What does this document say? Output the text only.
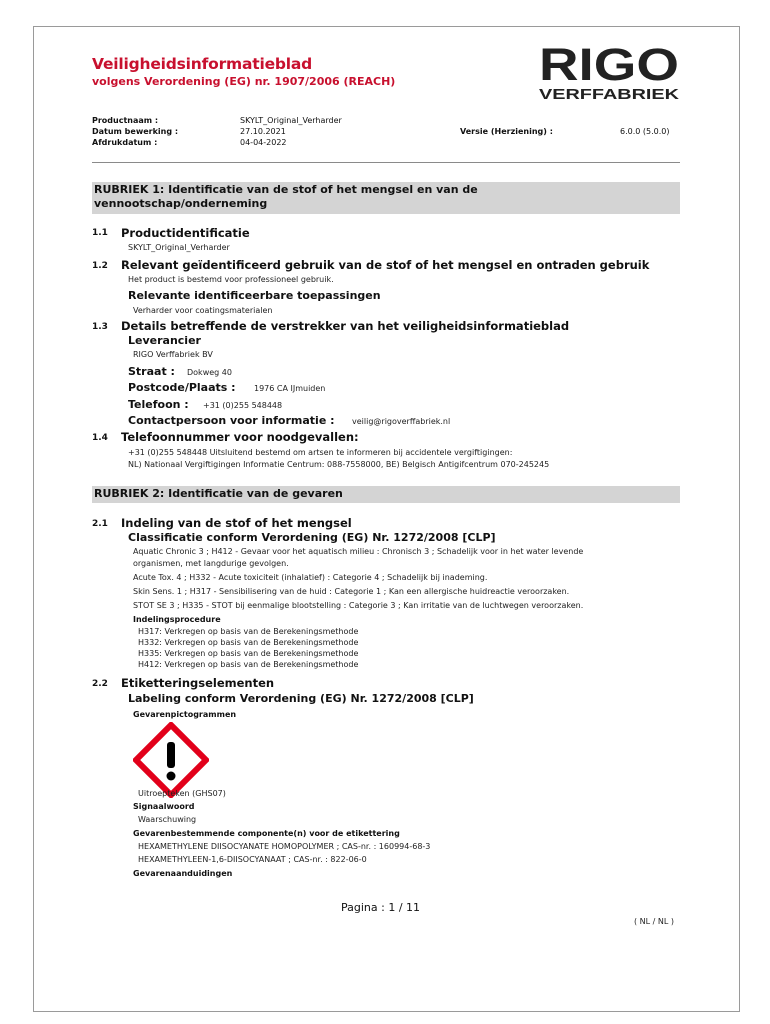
Veiligheidsinformatieblad
volgens Verordening (EG) nr. 1907/2006 (REACH)	RIGO
VERFFABRIEK
Productnaam :	SKYLT_Original_Verharder
Datum bewerking :	27.10.2021	Versie (Herziening) :	6.0.0 (5.0.0)
Afdrukdatum :	04-04-2022
RUBRIEK 1: Identificatie van de stof of het mengsel en van de
vennootschap/onderneming
1.1 Productidentificatie
SKYLT_Original_Verharder
1.2 Relevant geïdentificeerd gebruik van de stof of het mengsel en ontraden gebruik
Het product is bestemd voor professioneel gebruik.
Relevante identificeerbare toepassingen
Verharder voor coatingsmaterialen
1.3 Details betreffende de verstrekker van het veiligheidsinformatieblad
Leverancier
RIGO Verffabriek BV
Straat : Dokweg 40
Postcode/Plaats : 1976 CA IJmuiden
Telefoon : +31 (0)255 548448
Contactpersoon voor informatie : veilig@rigoverffabriek.nl
1.4 Telefoonnummer voor noodgevallen:
+31 (0)255 548448 Uitsluitend bestemd om artsen te informeren bij accidentele vergiftigingen:
NL) Nationaal Vergiftigingen Informatie Centrum: 088-7558000, BE) Belgisch Antigifcentrum 070-245245
RUBRIEK 2: Identificatie van de gevaren
2.1 Indeling van de stof of het mengsel
Classificatie conform Verordening (EG) Nr. 1272/2008 [CLP]
Aquatic Chronic 3 ; H412 - Gevaar voor het aquatisch milieu : Chronisch 3 ; Schadelijk voor in het water levende
organismen, met langdurige gevolgen.
Acute Tox. 4 ; H332 - Acute toxiciteit (inhalatief) : Categorie 4 ; Schadelijk bij inademing.
Skin Sens. 1 ; H317 - Sensibilisering van de huid : Categorie 1 ; Kan een allergische huidreactie veroorzaken.
STOT SE 3 ; H335 - STOT bij eenmalige blootstelling : Categorie 3 ; Kan irritatie van de luchtwegen veroorzaken.
Indelingsprocedure
H317: Verkregen op basis van de Berekeningsmethode
H332: Verkregen op basis van de Berekeningsmethode
H335: Verkregen op basis van de Berekeningsmethode
H412: Verkregen op basis van de Berekeningsmethode
2.2 Etiketteringselementen
Labeling conform Verordening (EG) Nr. 1272/2008 [CLP]
Gevarenpictogrammen
Uitroepteken (GHS07)
Signaalwoord
Waarschuwing
Gevarenbestemmende componente(n) voor de etikettering
HEXAMETHYLENE DIISOCYANATE HOMOPOLYMER ; CAS-nr. : 160994-68-3
HEXAMETHYLEEN-1,6-DIISOCYANAAT ; CAS-nr. : 822-06-0
Gevarenaanduidingen
Pagina : 1 / 11
( NL / NL )
